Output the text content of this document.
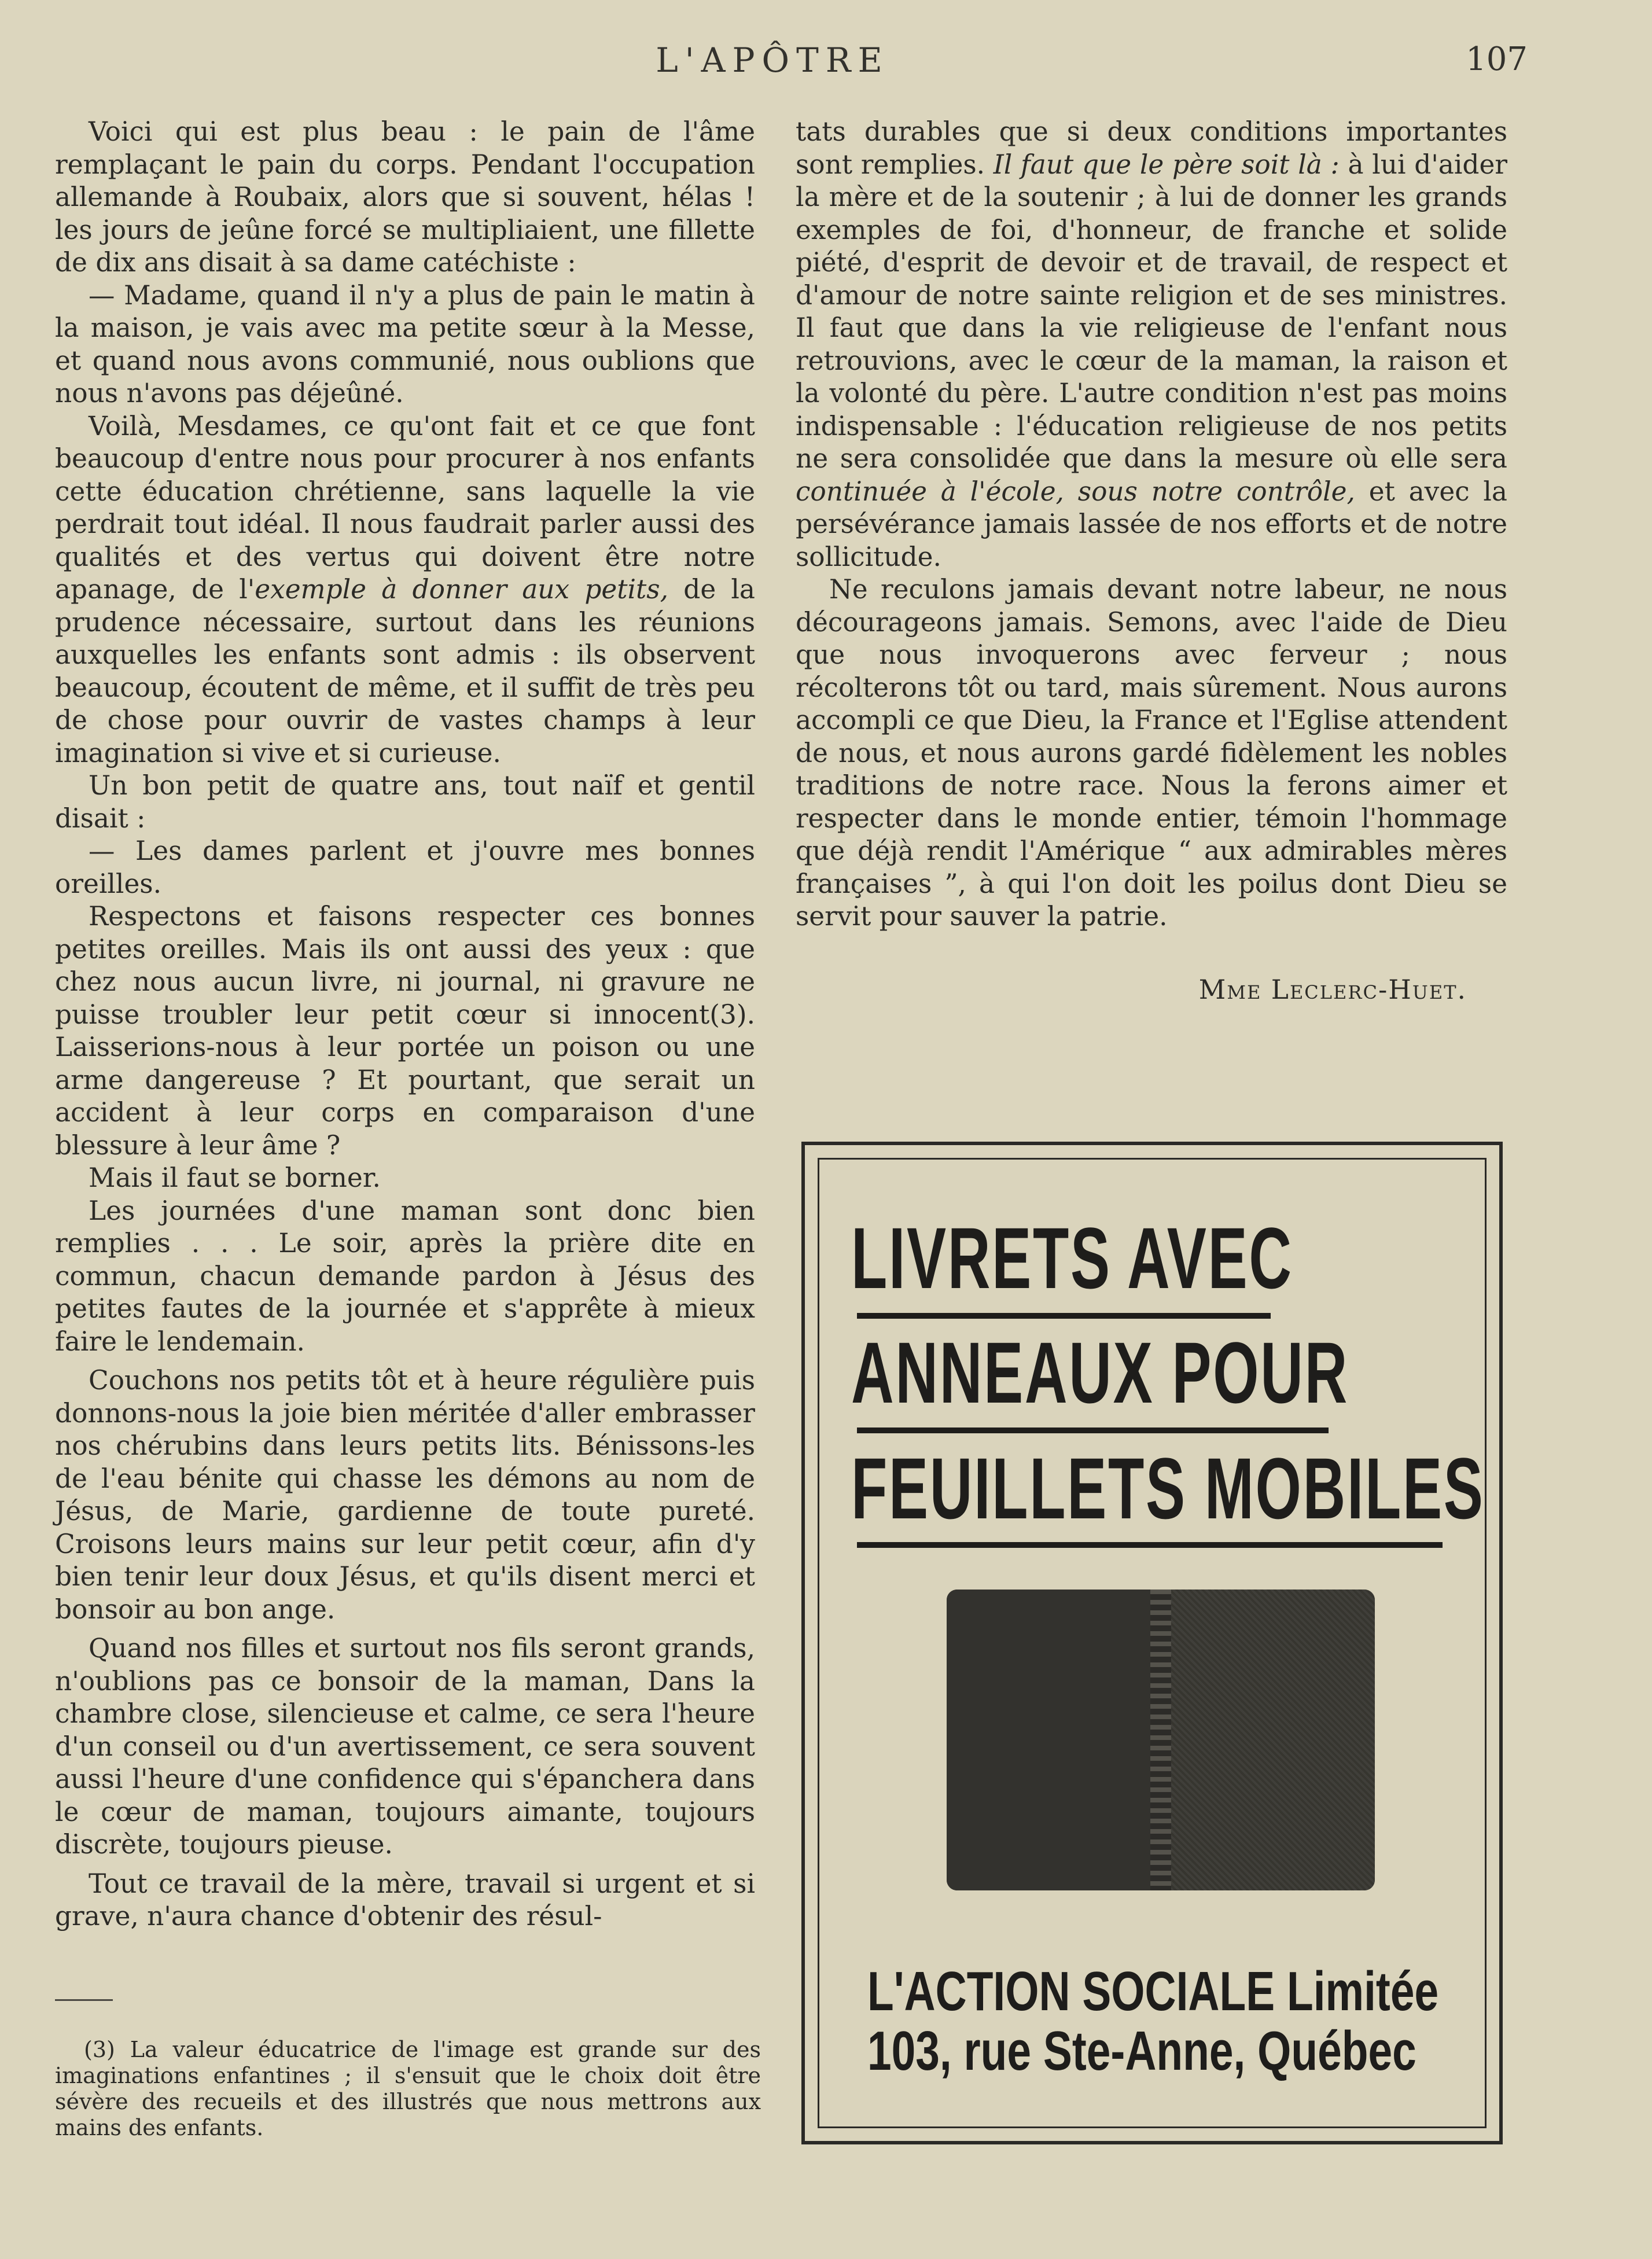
L'APÔTRE	107

Voici qui est plus beau : le pain de l'âme remplaçant le pain du corps. Pendant l'occupation allemande à Roubaix, alors que si souvent, hélas ! les jours de jeûne forcé se multipliaient, une fillette de dix ans disait à sa dame catéchiste :

— Madame, quand il n'y a plus de pain le matin à la maison, je vais avec ma petite sœur à la Messe, et quand nous avons communié, nous oublions que nous n'avons pas déjeûné.

Voilà, Mesdames, ce qu'ont fait et ce que font beaucoup d'entre nous pour procurer à nos enfants cette éducation chrétienne, sans laquelle la vie perdrait tout idéal. Il nous faudrait parler aussi des qualités et des vertus qui doivent être notre apanage, de l'exemple à donner aux petits, de la prudence nécessaire, surtout dans les réunions auxquelles les enfants sont admis : ils observent beaucoup, écoutent de même, et il suffit de très peu de chose pour ouvrir de vastes champs à leur imagination si vive et si curieuse.

Un bon petit de quatre ans, tout naïf et gentil disait :

— Les dames parlent et j'ouvre mes bonnes oreilles.

Respectons et faisons respecter ces bonnes petites oreilles. Mais ils ont aussi des yeux : que chez nous aucun livre, ni journal, ni gravure ne puisse troubler leur petit cœur si innocent(3). Laisserions-nous à leur portée un poison ou une arme dangereuse ? Et pourtant, que serait un accident à leur corps en comparaison d'une blessure à leur âme ?

Mais il faut se borner.

Les journées d'une maman sont donc bien remplies . . . Le soir, après la prière dite en commun, chacun demande pardon à Jésus des petites fautes de la journée et s'apprête à mieux faire le lendemain.

Couchons nos petits tôt et à heure régulière puis donnons-nous la joie bien méritée d'aller embrasser nos chérubins dans leurs petits lits. Bénissons-les de l'eau bénite qui chasse les démons au nom de Jésus, de Marie, gardienne de toute pureté. Croisons leurs mains sur leur petit cœur, afin d'y bien tenir leur doux Jésus, et qu'ils disent merci et bonsoir au bon ange.

Quand nos filles et surtout nos fils seront grands, n'oublions pas ce bonsoir de la maman, Dans la chambre close, silencieuse et calme, ce sera l'heure d'un conseil ou d'un avertissement, ce sera souvent aussi l'heure d'une confidence qui s'épanchera dans le cœur de maman, toujours aimante, toujours discrète, toujours pieuse.

Tout ce travail de la mère, travail si urgent et si grave, n'aura chance d'obtenir des résul-

(3) La valeur éducatrice de l'image est grande sur des imaginations enfantines ; il s'ensuit que le choix doit être sévère des recueils et des illustrés que nous mettrons aux mains des enfants.

tats durables que si deux conditions importantes sont remplies. Il faut que le père soit là : à lui d'aider la mère et de la soutenir ; à lui de donner les grands exemples de foi, d'honneur, de franche et solide piété, d'esprit de devoir et de travail, de respect et d'amour de notre sainte religion et de ses ministres. Il faut que dans la vie religieuse de l'enfant nous retrouvions, avec le cœur de la maman, la raison et la volonté du père. L'autre condition n'est pas moins indispensable : l'éducation religieuse de nos petits ne sera consolidée que dans la mesure où elle sera continuée à l'école, sous notre contrôle, et avec la persévérance jamais lassée de nos efforts et de notre sollicitude.

Ne reculons jamais devant notre labeur, ne nous décourageons jamais. Semons, avec l'aide de Dieu que nous invoquerons avec ferveur ; nous récolterons tôt ou tard, mais sûrement. Nous aurons accompli ce que Dieu, la France et l'Eglise attendent de nous, et nous aurons gardé fidèlement les nobles traditions de notre race. Nous la ferons aimer et respecter dans le monde entier, témoin l'hommage que déjà rendit l'Amérique “ aux admirables mères françaises ”, à qui l'on doit les poilus dont Dieu se servit pour sauver la patrie.

Mme Leclerc-Huet.
LIVRETS AVEC
ANNEAUX POUR
FEUILLETS MOBILES
L'ACTION SOCIALE Limitée
103, rue Ste-Anne, Québec
